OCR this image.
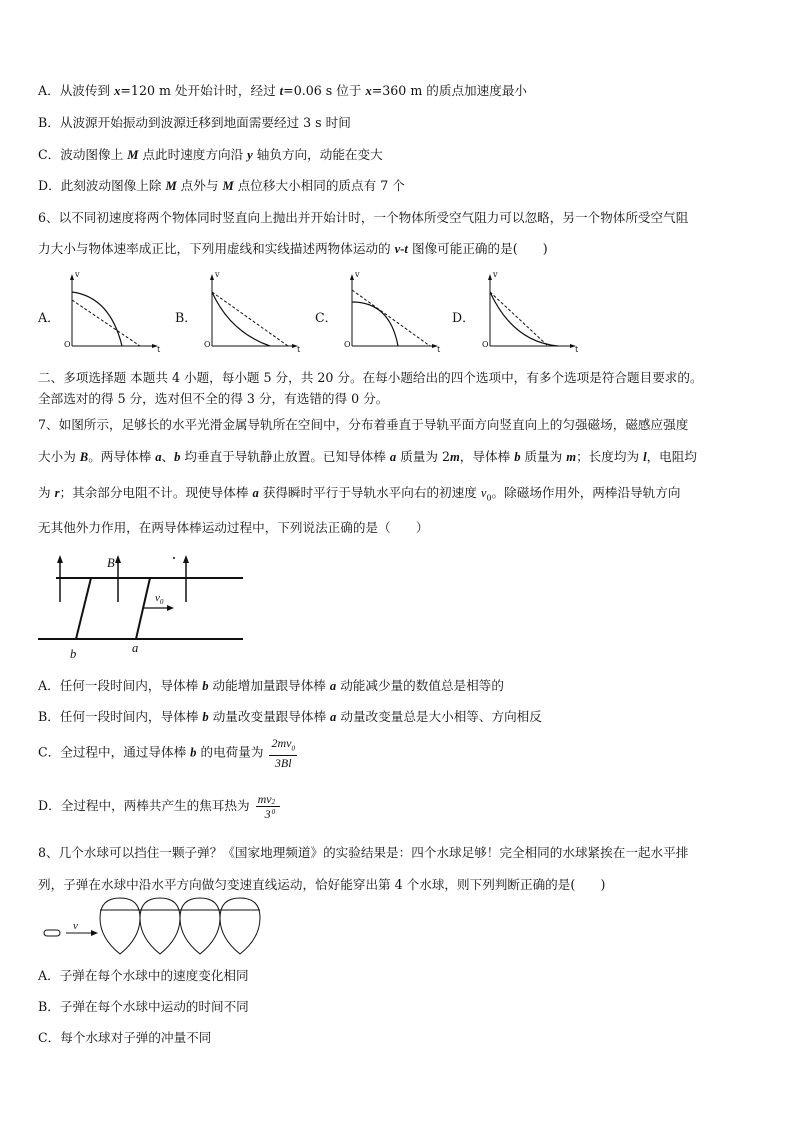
A．从波传到 x=120 m 处开始计时，经过 t=0.06 s 位于 x=360 m 的质点加速度最小
B．从波源开始振动到波源迁移到地面需要经过 3 s 时间
C．波动图像上 M 点此时速度方向沿 y 轴负方向，动能在变大
D．此刻波动图像上除 M 点外与 M 点位移大小相同的质点有 7 个
6、以不同初速度将两个物体同时竖直向上抛出并开始计时，一个物体所受空气阻力可以忽略，另一个物体所受空气阻
力大小与物体速率成正比，下列用虚线和实线描述两物体运动的 v-t 图像可能正确的是(　　)
A．
O
v
t
B．
O
v
t
C．
O
v
t
D．
O
v
t
二、多项选择题 本题共 4 小题，每小题 5 分，共 20 分。在每小题给出的四个选项中，有多个选项是符合题目要求的。
全部选对的得 5 分，选对但不全的得 3 分，有选错的得 0 分。
7、如图所示，足够长的水平光滑金属导轨所在空间中，分布着垂直于导轨平面方向竖直向上的匀强磁场，磁感应强度
大小为 B。两导体棒 a、b 均垂直于导轨静止放置。已知导体棒 a 质量为 2m，导体棒 b 质量为 m；长度均为 l，电阻均
为 r；其余部分电阻不计。现使导体棒 a 获得瞬时平行于导轨水平向右的初速度 $v_0$。除磁场作用外，两棒沿导轨方向
无其他外力作用，在两导体棒运动过程中，下列说法正确的是（　　）
B
$v_0$
a
b
A．任何一段时间内，导体棒 b 动能增加量跟导体棒 a 动能减少量的数值总是相等的
B．任何一段时间内，导体棒 b 动量改变量跟导体棒 a 动量改变量总是大小相等、方向相反
C．全过程中，通过导体棒 b 的电荷量为 $\frac{2mv_0}{3Bl}$
D．全过程中，两棒共产生的焦耳热为 mv 2
0
3
8、几个水球可以挡住一颗子弹？《国家地理频道》的实验结果是：四个水球足够！完全相同的水球紧挨在一起水平排
列，子弹在水球中沿水平方向做匀变速直线运动，恰好能穿出第 4 个水球，则下列判断正确的是(　　)
v
A．子弹在每个水球中的速度变化相同
B．子弹在每个水球中运动的时间不同
C．每个水球对子弹的冲量不同
